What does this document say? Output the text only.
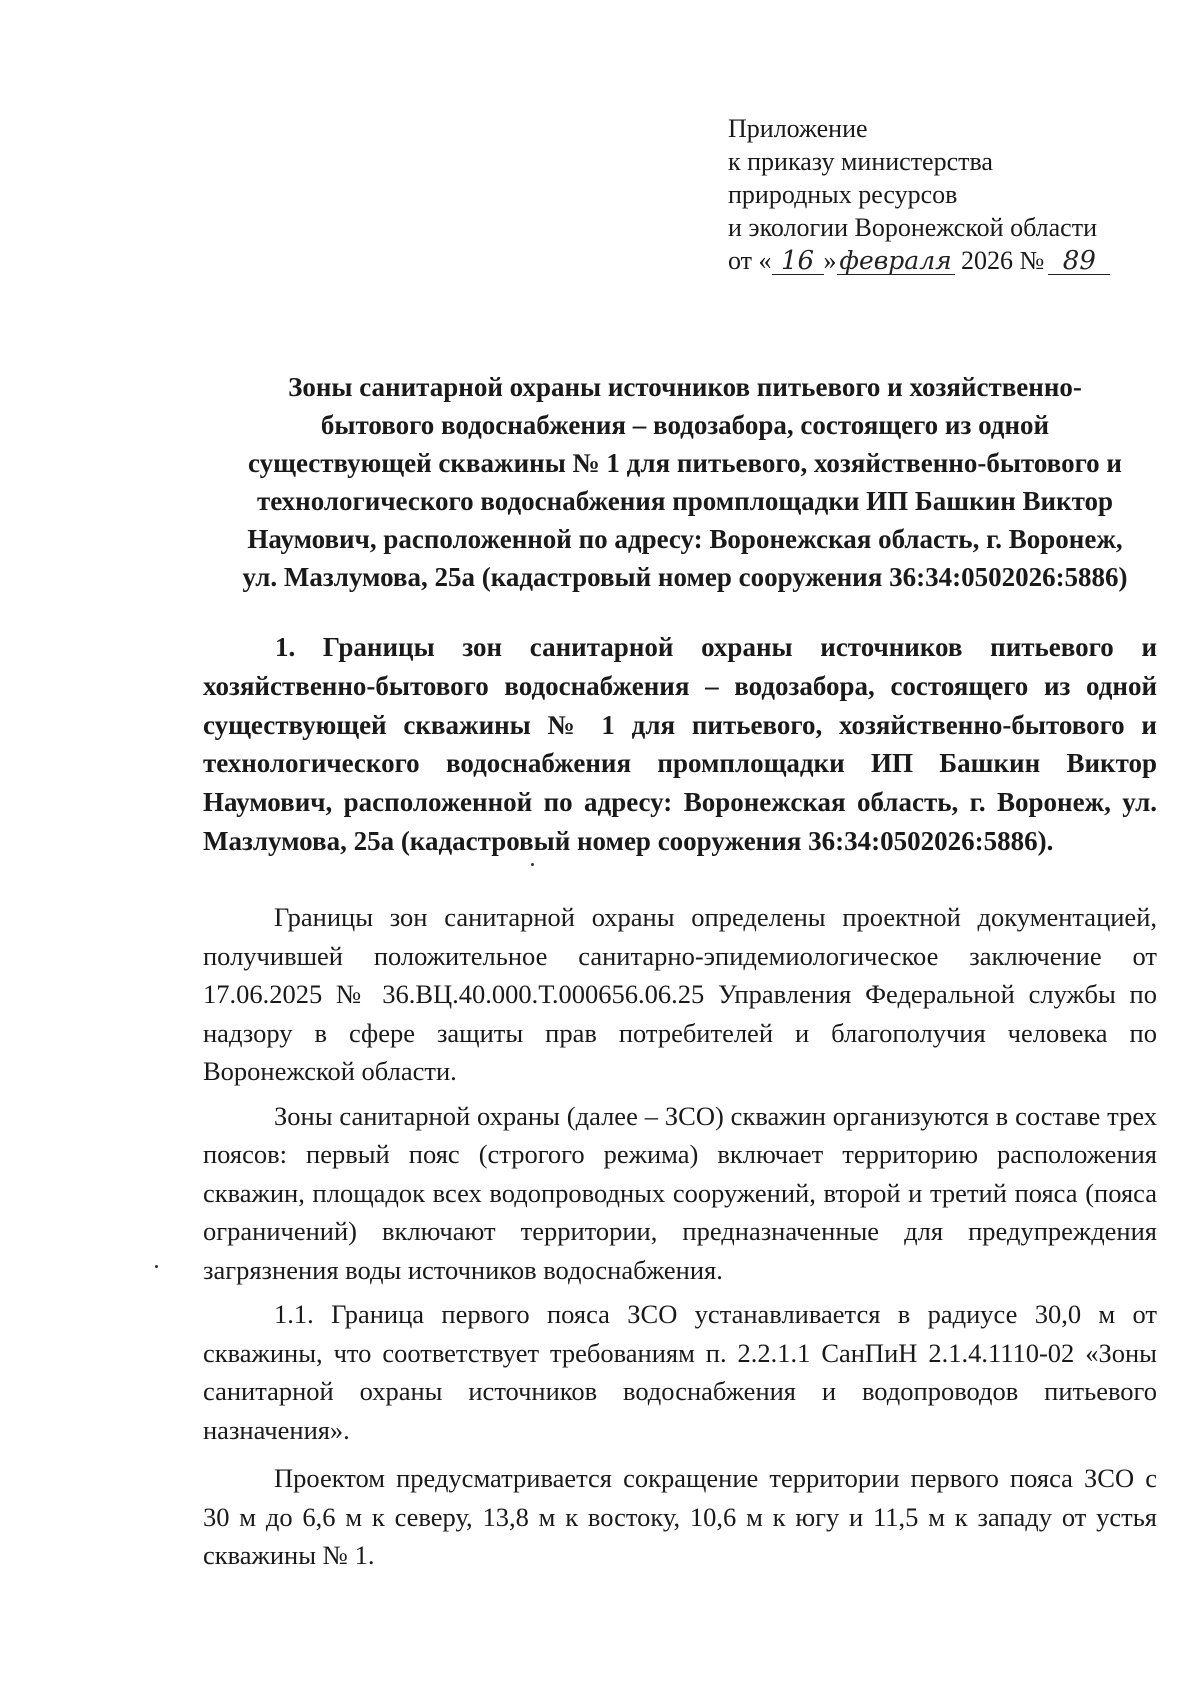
Приложение
к приказу министерства
природных ресурсов
и экологии Воронежской области
от « 16 » февраля 2026 № 89
Зоны санитарной охраны источников питьевого и хозяйственно-
бытового водоснабжения – водозабора, состоящего из одной
существующей скважины № 1 для питьевого, хозяйственно-бытового и
технологического водоснабжения промплощадки ИП Башкин Виктор
Наумович, расположенной по адресу: Воронежская область, г. Воронеж,
ул. Мазлумова, 25а (кадастровый номер сооружения 36:34:0502026:5886)
1. Границы зон санитарной охраны источников питьевого и хозяйственно-бытового водоснабжения – водозабора, состоящего из одной существующей скважины № 1 для питьевого, хозяйственно-бытового и технологического водоснабжения промплощадки ИП Башкин Виктор Наумович, расположенной по адресу: Воронежская область, г. Воронеж, ул. Мазлумова, 25а (кадастровый номер сооружения 36:34:0502026:5886).

Границы зон санитарной охраны определены проектной документацией, получившей положительное санитарно-эпидемиологическое заключение от 17.06.2025 № 36.ВЦ.40.000.Т.000656.06.25 Управления Федеральной службы по надзору в сфере защиты прав потребителей и благополучия человека по Воронежской области.

Зоны санитарной охраны (далее – ЗСО) скважин организуются в составе трех поясов: первый пояс (строгого режима) включает территорию расположения скважин, площадок всех водопроводных сооружений, второй и третий пояса (пояса ограничений) включают территории, предназначенные для предупреждения загрязнения воды источников водоснабжения.

1.1. Граница первого пояса ЗСО устанавливается в радиусе 30,0 м от скважины, что соответствует требованиям п. 2.2.1.1 СанПиН 2.1.4.1110-02 «Зоны санитарной охраны источников водоснабжения и водопроводов питьевого назначения».

Проектом предусматривается сокращение территории первого пояса ЗСО с 30 м до 6,6 м к северу, 13,8 м к востоку, 10,6 м к югу и 11,5 м к западу от устья скважины № 1.
